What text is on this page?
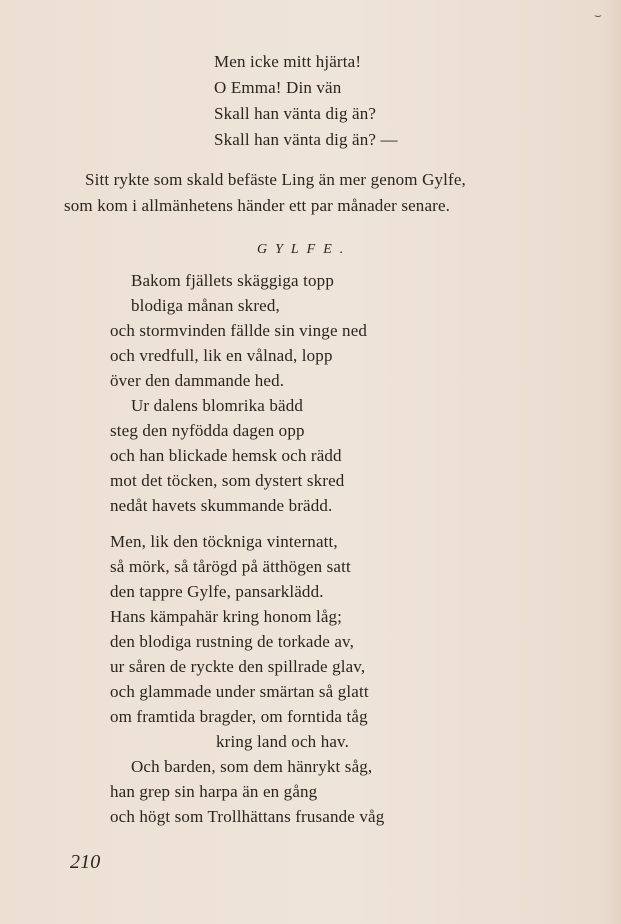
⌣
Men icke mitt hjärta!
O Emma! Din vän
Skall han vänta dig än?
Skall han vänta dig än? —
Sitt rykte som skald befäste Ling än mer genom Gylfe,
som kom i allmänhetens händer ett par månader senare.
GYLFE.
Bakom fjällets skäggiga topp
blodiga månan skred,
och stormvinden fällde sin vinge ned
och vredfull, lik en vålnad, lopp
över den dammande hed.
Ur dalens blomrika bädd
steg den nyfödda dagen opp
och han blickade hemsk och rädd
mot det töcken, som dystert skred
nedåt havets skummande brädd.
Men, lik den töckniga vinternatt,
så mörk, så tårögd på ätthögen satt
den tappre Gylfe, pansarklädd.
Hans kämpahär kring honom låg;
den blodiga rustning de torkade av,
ur såren de ryckte den spillrade glav,
och glammade under smärtan så glatt
om framtida bragder, om forntida tåg
kring land och hav.
Och barden, som dem hänrykt såg,
han grep sin harpa än en gång
och högt som Trollhättans frusande våg
210
